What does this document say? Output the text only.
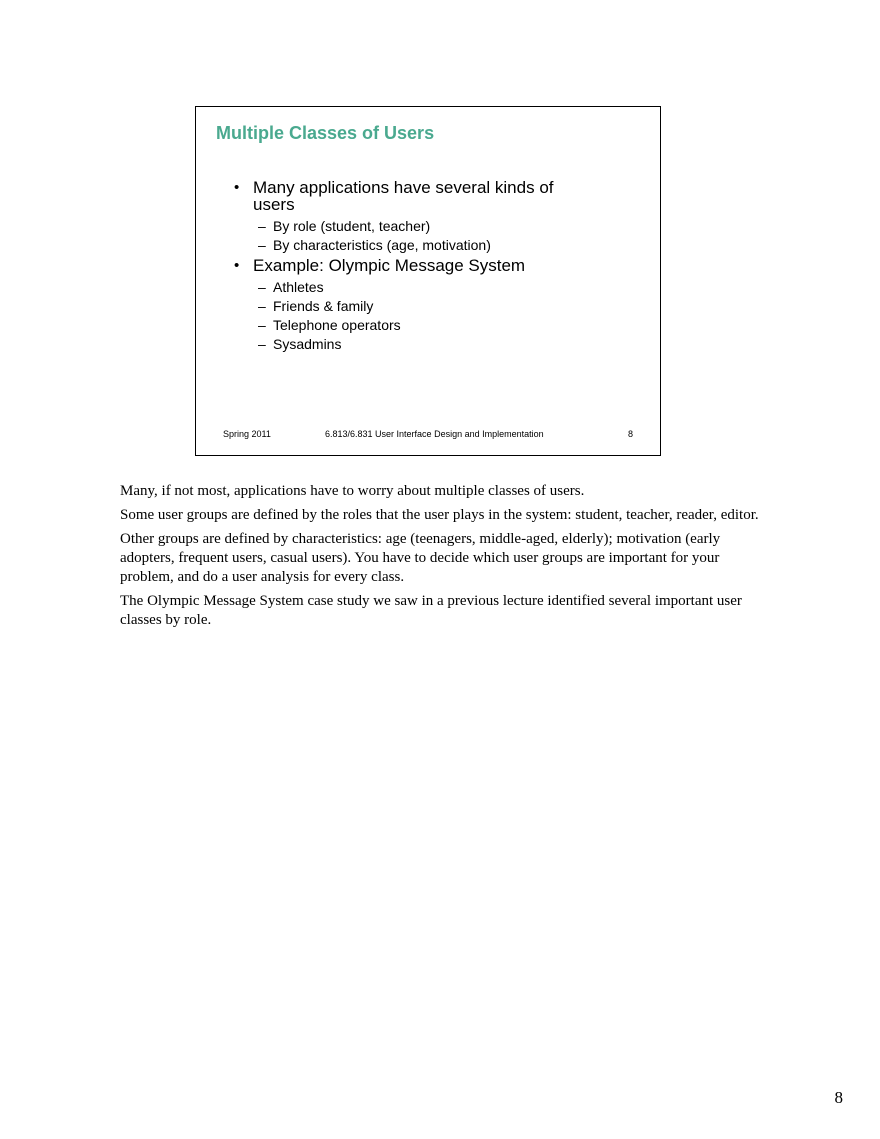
Multiple Classes of Users
• Many applications have several kinds of users
– By role (student, teacher)
– By characteristics (age, motivation)
• Example: Olympic Message System
– Athletes
– Friends & family
– Telephone operators
– Sysadmins
Spring 2011	6.813/6.831 User Interface Design and Implementation	8

Many, if not most, applications have to worry about multiple classes of users.

Some user groups are defined by the roles that the user plays in the system: student, teacher, reader, editor.

Other groups are defined by characteristics: age (teenagers, middle-aged, elderly); motivation (early adopters, frequent users, casual users). You have to decide which user groups are important for your problem, and do a user analysis for every class.

The Olympic Message System case study we saw in a previous lecture identified several important user classes by role.

8
